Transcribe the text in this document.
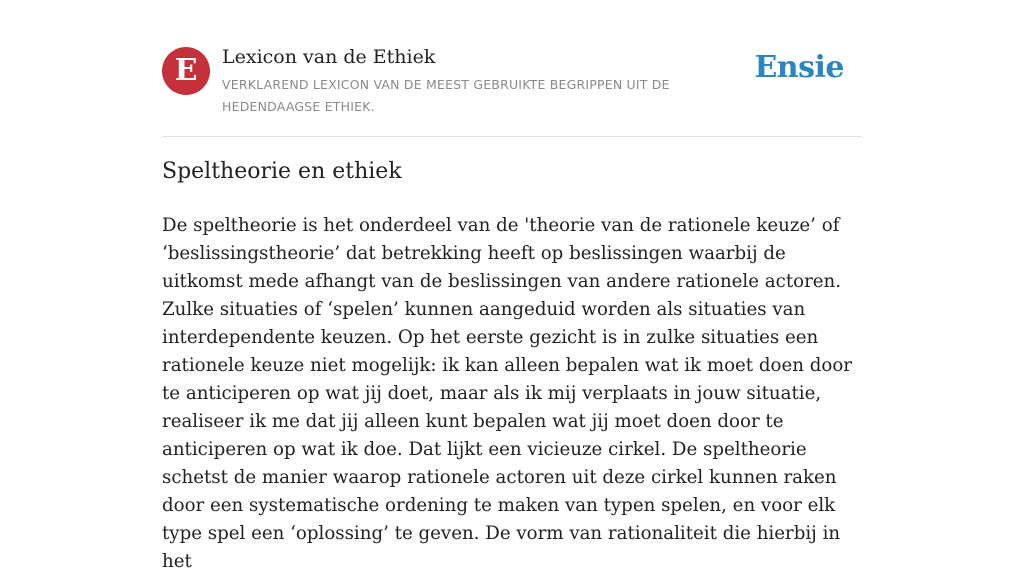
E	Lexicon van de Ethiek
VERKLAREND LEXICON VAN DE MEEST GEBRUIKTE BEGRIPPEN UIT DE HEDENDAAGSE ETHIEK.
Ensie
Speltheorie en ethiek

De speltheorie is het onderdeel van de 'theorie van de rationele keuze’ of ‘beslissingstheorie’ dat betrekking heeft op beslissingen waarbij de uitkomst mede afhangt van de beslissingen van andere rationele actoren. Zulke situaties of ‘spelen’ kunnen aangeduid worden als situaties van interdependente keuzen. Op het eerste gezicht is in zulke situaties een rationele keuze niet mogelijk: ik kan alleen bepalen wat ik moet doen door te anticiperen op wat jij doet, maar als ik mij verplaats in jouw situatie, realiseer ik me dat jij alleen kunt bepalen wat jij moet doen door te anticiperen op wat ik doe. Dat lijkt een vicieuze cirkel. De speltheorie schetst de manier waarop rationele actoren uit deze cirkel kunnen raken door een systematische ordening te maken van typen spelen, en voor elk type spel een ‘oplossing’ te geven. De vorm van rationaliteit die hierbij in het
